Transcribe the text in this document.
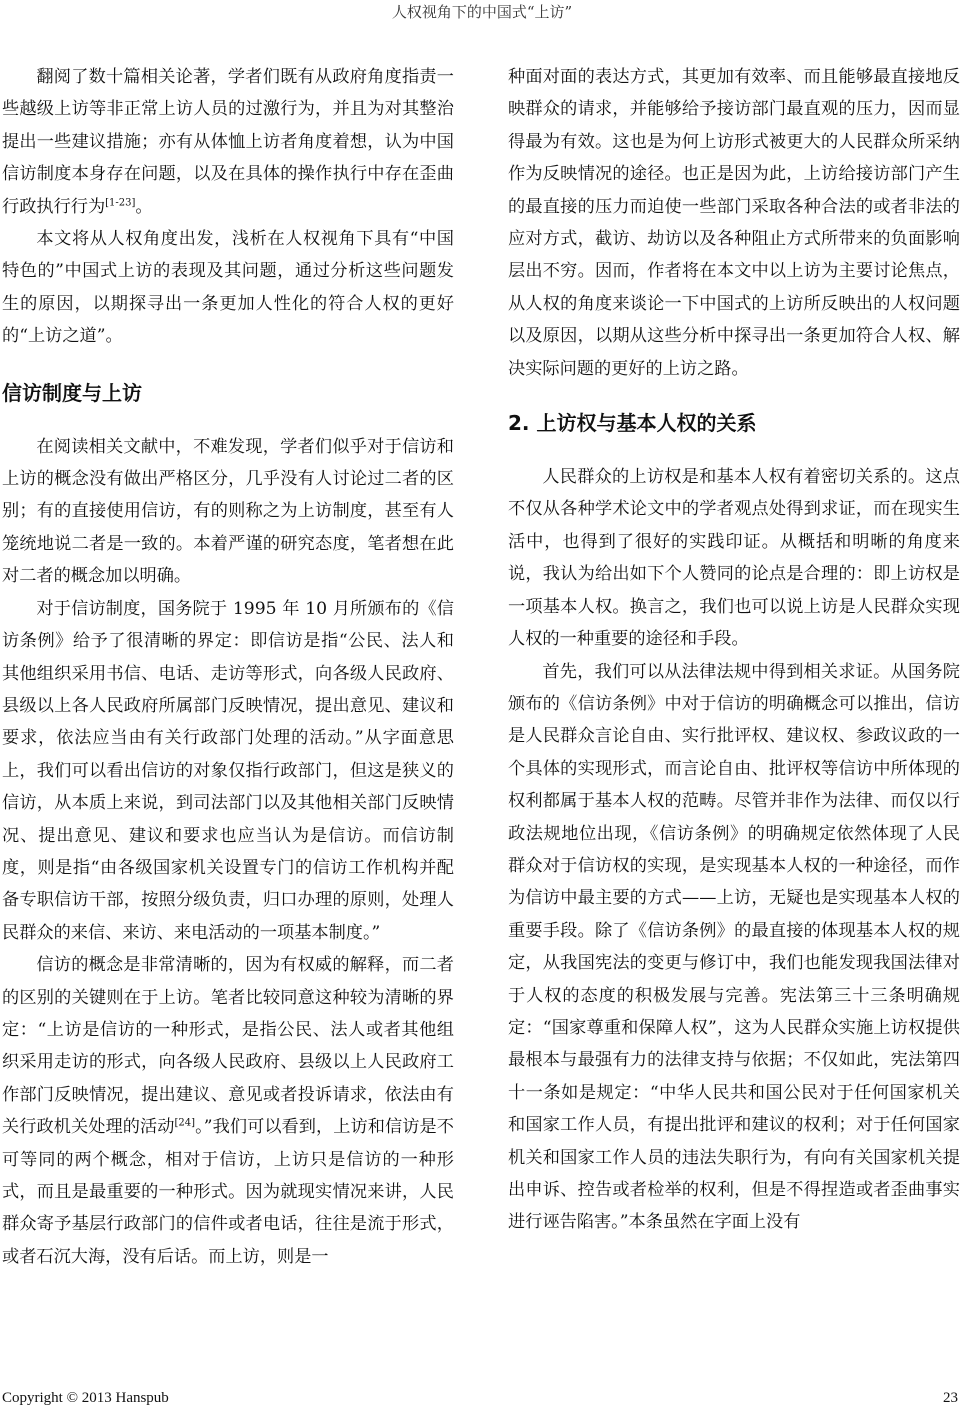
人权视角下的中国式“上访”

翻阅了数十篇相关论著，学者们既有从政府角度指责一些越级上访等非正常上访人员的过激行为，并且为对其整治提出一些建议措施；亦有从体恤上访者角度着想，认为中国信访制度本身存在问题，以及在具体的操作执行中存在歪曲行政执行行为[1-23]。

本文将从人权角度出发，浅析在人权视角下具有“中国特色的”中国式上访的表现及其问题，通过分析这些问题发生的原因，以期探寻出一条更加人性化的符合人权的更好的“上访之道”。

信访制度与上访

在阅读相关文献中，不难发现，学者们似乎对于信访和上访的概念没有做出严格区分，几乎没有人讨论过二者的区别；有的直接使用信访，有的则称之为上访制度，甚至有人笼统地说二者是一致的。本着严谨的研究态度，笔者想在此对二者的概念加以明确。

对于信访制度，国务院于 1995 年 10 月所颁布的《信访条例》给予了很清晰的界定：即信访是指“公民、法人和其他组织采用书信、电话、走访等形式，向各级人民政府、县级以上各人民政府所属部门反映情况，提出意见、建议和要求，依法应当由有关行政部门处理的活动。”从字面意思上，我们可以看出信访的对象仅指行政部门，但这是狭义的信访，从本质上来说，到司法部门以及其他相关部门反映情况、提出意见、建议和要求也应当认为是信访。而信访制度，则是指“由各级国家机关设置专门的信访工作机构并配备专职信访干部，按照分级负责，归口办理的原则，处理人民群众的来信、来访、来电活动的一项基本制度。”

信访的概念是非常清晰的，因为有权威的解释，而二者的区别的关键则在于上访。笔者比较同意这种较为清晰的界定：“上访是信访的一种形式，是指公民、法人或者其他组织采用走访的形式，向各级人民政府、县级以上人民政府工作部门反映情况，提出建议、意见或者投诉请求，依法由有关行政机关处理的活动[24]。”我们可以看到，上访和信访是不可等同的两个概念，相对于信访，上访只是信访的一种形式，而且是最重要的一种形式。因为就现实情况来讲，人民群众寄予基层行政部门的信件或者电话，往往是流于形式，或者石沉大海，没有后话。而上访，则是一

种面对面的表达方式，其更加有效率、而且能够最直接地反映群众的请求，并能够给予接访部门最直观的压力，因而显得最为有效。这也是为何上访形式被更大的人民群众所采纳作为反映情况的途径。也正是因为此，上访给接访部门产生的最直接的压力而迫使一些部门采取各种合法的或者非法的应对方式，截访、劫访以及各种阻止方式所带来的负面影响层出不穷。因而，作者将在本文中以上访为主要讨论焦点，从人权的角度来谈论一下中国式的上访所反映出的人权问题以及原因，以期从这些分析中探寻出一条更加符合人权、解决实际问题的更好的上访之路。

2. 上访权与基本人权的关系

人民群众的上访权是和基本人权有着密切关系的。这点不仅从各种学术论文中的学者观点处得到求证，而在现实生活中，也得到了很好的实践印证。从概括和明晰的角度来说，我认为给出如下个人赞同的论点是合理的：即上访权是一项基本人权。换言之，我们也可以说上访是人民群众实现人权的一种重要的途径和手段。

首先，我们可以从法律法规中得到相关求证。从国务院颁布的《信访条例》中对于信访的明确概念可以推出，信访是人民群众言论自由、实行批评权、建议权、参政议政的一个具体的实现形式，而言论自由、批评权等信访中所体现的权利都属于基本人权的范畴。尽管并非作为法律、而仅以行政法规地位出现，《信访条例》的明确规定依然体现了人民群众对于信访权的实现，是实现基本人权的一种途径，而作为信访中最主要的方式——上访，无疑也是实现基本人权的重要手段。除了《信访条例》的最直接的体现基本人权的规定，从我国宪法的变更与修订中，我们也能发现我国法律对于人权的态度的积极发展与完善。宪法第三十三条明确规定：“国家尊重和保障人权”，这为人民群众实施上访权提供最根本与最强有力的法律支持与依据；不仅如此，宪法第四十一条如是规定：“中华人民共和国公民对于任何国家机关和国家工作人员，有提出批评和建议的权利；对于任何国家机关和国家工作人员的违法失职行为，有向有关国家机关提出申诉、控告或者检举的权利，但是不得捏造或者歪曲事实进行诬告陷害。”本条虽然在字面上没有

Copyright © 2013 Hanspub	23
